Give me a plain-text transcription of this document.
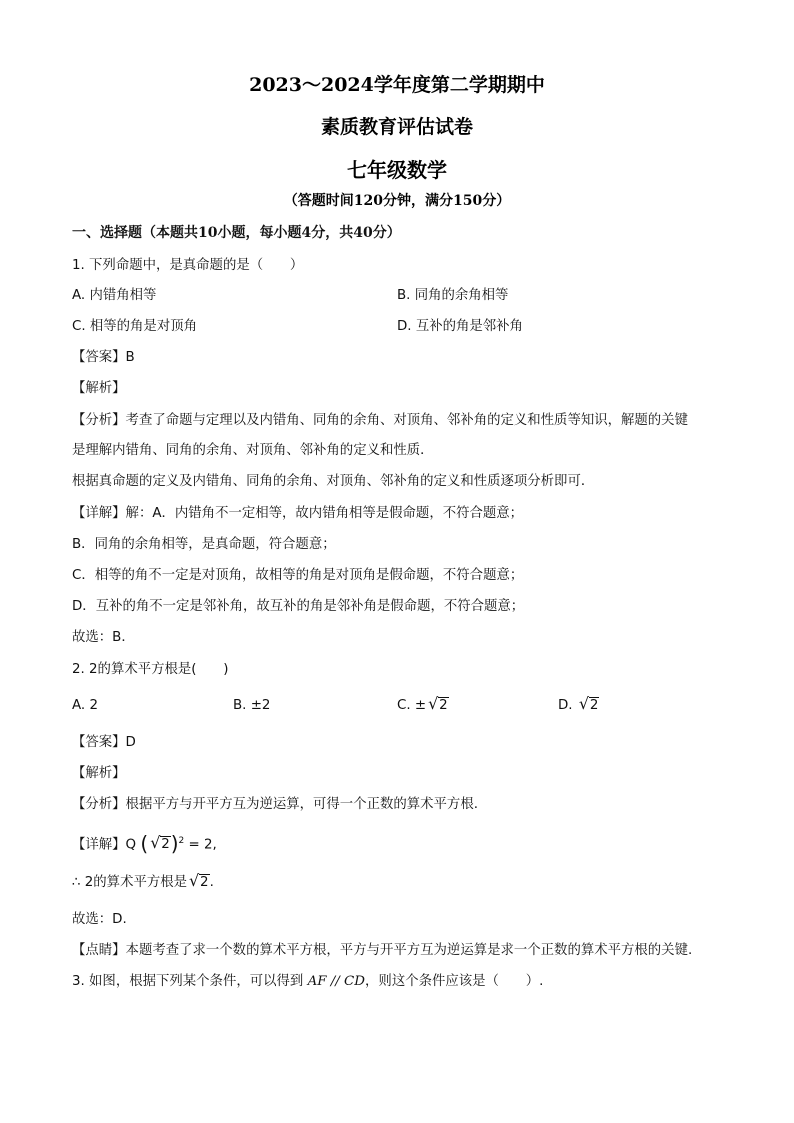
2023～2024学年度第二学期期中
素质教育评估试卷
七年级数学
（答题时间120分钟，满分150分）
一、选择题（本题共10小题，每小题4分，共40分）
1. 下列命题中，是真命题的是（　　）
A. 内错角相等	B. 同角的余角相等
C. 相等的角是对顶角	D. 互补的角是邻补角
【答案】B
【解析】
【分析】考查了命题与定理以及内错角、同角的余角、对顶角、邻补角的定义和性质等知识，解题的关键
是理解内错角、同角的余角、对顶角、邻补角的定义和性质．
根据真命题的定义及内错角、同角的余角、对顶角、邻补角的定义和性质逐项分析即可．
【详解】解：A．内错角不一定相等，故内错角相等是假命题，不符合题意；
B．同角的余角相等，是真命题，符合题意；
C．相等的角不一定是对顶角，故相等的角是对顶角是假命题，不符合题意；
D．互补的角不一定是邻补角，故互补的角是邻补角是假命题，不符合题意；
故选：B．
2. 2的算术平方根是(　　)
A. 2	B. ±2	C. ± √ 2	D. √ 2
【答案】D
【解析】
【分析】根据平方与开平方互为逆运算，可得一个正数的算术平方根.
【详解】Q ( √ 2)$^2$ = 2,
∴ 2的算术平方根是 √ 2.
故选：D.
【点睛】本题考查了求一个数的算术平方根，平方与开平方互为逆运算是求一个正数的算术平方根的关键.
3. 如图，根据下列某个条件，可以得到 AF // CD，则这个条件应该是（　　）.
